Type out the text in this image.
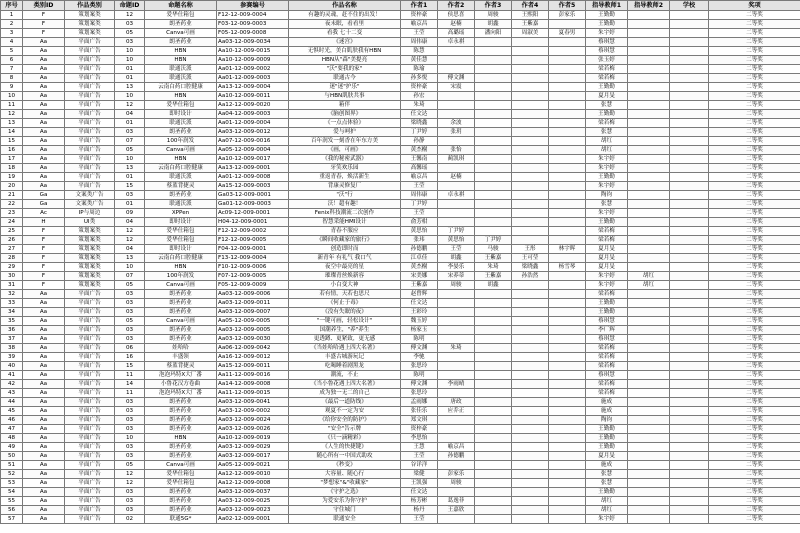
序号	类别ID	作品类别	命题ID	命题名称	参赛编号	作品名称	作者1	作者2	作者3	作者4	作者5	指导教师1	指导教师2	学校	奖项
1	F	策划案类	12	爱华仕箱包	F12-12-009-0004	有趣的灵魂，赶不住的出发！	资梓豪	侯思喜	周骏	王熙阳	彭家乐	王勤勤			二等奖
2	F	策划案类	03	朗圣药业	F03-12-009-0003	夜未眠，看看里	喻京昌	赵楠	胡鑫	王紫嘉		王勤勤			二等奖
3	F	策划案类	05	Canva可画	F05-12-009-0008	看我 七十二变	王莹	高璐瑶	潘向阳	周淑美	夏春男	朱宇婷			二等奖
4	Aa	平面广告	03	朗圣药业	Aa03-12-009-0034	《迷宫》	周伟康	卓永祺				蔡琪慧			二等奖
5	Aa	平面广告	10	HBN	Aa10-12-009-0015	无惧时光，美白肌肤我有HBN	陈慧					蔡琪慧			二等奖
6	Aa	平面广告	10	HBN	Aa10-12-009-0009	HBN从"森"美提亮	黄佳慧					张玉婷			二等奖
7	Aa	平面广告	01	联通沃派	Aa01-12-009-0002	"沃"要我的家"	陈瑜					梁若梅			二等奖
8	Aa	平面广告	01	联通沃派	Aa01-12-009-0003	联通古今	孙多悦	傅文渊				梁若梅			二等奖
9	Aa	平面广告	13	云南白药口腔健康	Aa13-12-009-0004	迷"迷"护乐"	资梓豪	宋震				王勤勤			二等奖
10	Aa	平面广告	10	HBN	Aa10-12-009-0011	与HBN肌肤共事	孙宏					夏月旻			二等奖
11	Aa	平面广告	12	爱华仕箱包	Aa12-12-009-0020	箱伴	朱琦					张慧			二等奖
12	Aa	平面广告	04	即时设计	Aa04-12-009-0003	《脑创图界》	任文达					王勤勤			二等奖
13	Aa	平面广告	01	联通沃派	Aa01-12-009-0004	《一点点体验》	梁晓鑫	余波				梁若梅			二等奖
14	Aa	平面广告	03	朗圣药业	Aa03-12-009-0012	爱与呵护	丁尹婷	张玥				张慧			二等奖
15	Aa	平面广告	07	100年润发	Aa07-12-009-0016	百年润发一刻香在年东方美	孙静					胡红			二等奖
16	Aa	平面广告	05	Canva可画	Aa05-12-009-0004	《画，可画》	黄杰榭	张怡				胡红			二等奖
17	Aa	平面广告	10	HBN	Aa10-12-009-0017	《我的秘密武器》	王馨南	蔺凯琪				朱宇婷			二等奖
18	Aa	平面广告	13	云南白药口腔健康	Aa13-12-009-0001	牙笑欢乐园	高馨瑶					朱宇婷			二等奖
19	Aa	平面广告	01	联通沃派	Aa01-12-009-0008	重返青春，焕活新生	喻京昌	赵楠				王勤勤			二等奖
20	Aa	平面广告	15	蔡蓝背捷灵	Aa15-12-009-0003	背康灵修复厂	王莹					朱宇婷			二等奖
21	Ga	文案类广告	03	朗圣药业	Ga03-12-009-0001	"沃"行	周伟康	卓永祺				陶钧			二等奖
22	Ga	文案类广告	01	联通沃派	Ga01-12-009-0003	沃！超有趣！	丁尹婷					张慧			二等奖
23	Ac	IP与周边	09	XPPen	Ac09-12-009-0001	Fenix科技潮流二次创作	王莹					朱宇婷			二等奖
24	H	UI类	04	即时设计	H04-12-009-0001	智慧采能HMI设计	俞芳柑					王勤勤			二等奖
25	F	策划案类	12	爱华仕箱包	F12-12-009-0002	青春不服应	黄思怡	丁尹婷				梁若梅			二等奖
26	F	策划案类	12	爱华仕箱包	F12-12-009-0005	《瞬间收藏家的旅行》	张玮	黄思怡	丁尹婷			梁若梅			二等奖
27	F	策划案类	04	即时设计	F04-12-009-0001	创造即时而	孙德鹏	王莹	马骏	王彤	林宇晖	夏月旻			二等奖
28	F	策划案类	13	云南白药口腔健康	F13-12-009-0004	新青年 有礼气 我口气	江卓佳	胡鑫	王紫嘉	王可莹		夏月旻			二等奖
29	F	策划案类	10	HBN	F10-12-009-0006	夜空中最亮的星	黄杰榭	李晏乐	朱琦	梁晓鑫	杨雪琴	夏月旻			二等奖
30	F	策划案类	07	100年润发	F07-12-009-0005	璀璨青丝焕新容	宋美娜	宋养蒂	王紫嘉	孙浩然		朱宇婷	胡红		二等奖
31	F	策划案类	05	Canva可画	F05-12-009-0009	小白变大神	王紫嘉	周骏	胡鑫			朱宇婷	胡红		二等奖
32	Aa	平面广告	03	朗圣药业	Aa03-12-009-0006	若有情，天若也思尺	赵曾辉					梁若梅			二等奖
33	Aa	平面广告	03	朗圣药业	Aa03-12-009-0011	《何止于毒》	任文达					王勤勤			二等奖
34	Aa	平面广告	03	朗圣药业	Aa03-12-009-0007	《没有失眠的夜》	王彩玲					王勤勤			二等奖
35	Aa	平面广告	05	Canva可画	Aa05-12-009-0005	"一键可画，轻松设计"	魏玉婷					蔡琪慧			二等奖
36	Aa	平面广告	03	朗圣药业	Aa03-12-009-0005	国潮养生，"养"养生	杨家玉					李厂辉			二等奖
37	Aa	平面广告	03	朗圣药业	Aa03-12-009-0030	更透蹲、更紧致，更无感	陈明					蔡琪慧			二等奖
38	Aa	平面广告	06	娃哈哈	Aa06-12-009-0042	《当娃哈哈遇上四大名著》	傅文渊	朱琦				梁若梅			二等奖
39	Aa	平面广告	16	丰盛领	Aa16-12-009-0012	丰盛古城游玩记	李驰					梁若梅			二等奖
40	Aa	平面广告	15	蔡蓝背捷灵	Aa15-12-009-0011	吃喝睡着剧黑龙	张思玲					梁若梅			二等奖
41	Aa	平面广告	11	泡泡玛特X大厂番	Aa11-12-009-0016	潮流，不止	陈明					蔡琪慧			二等奖
42	Aa	平面广告	14	小鲁花汉方卷曲	Aa14-12-009-0008	《当小鲁花遇上四大名著》	傅文渊	李雨晴				梁若梅			二等奖
43	Aa	平面广告	11	泡泡玛特X大厂番	Aa11-12-009-0015	成为独一无二的自己	张思玲					梁若梅			二等奖
44	Aa	平面广告	03	朗圣药业	Aa03-12-009-0041	《最后一道防线》	孟雨娜	唐政				施成			二等奖
45	Aa	平面广告	03	朗圣药业	Aa03-12-009-0002	观夏不一定为安	张佳乐	应乔正				施成			二等奖
46	Aa	平面广告	03	朗圣药业	Aa03-12-009-0024	《给你安全的防护》	郑文琪					陶钧			二等奖
47	Aa	平面广告	03	朗圣药业	Aa03-12-009-0026	"安全"告示牌	资梓豪					王勤勤			二等奖
48	Aa	平面广告	10	HBN	Aa10-12-009-0019	《只一滴精彩》	李思怡					王勤勤			二等奖
49	Aa	平面广告	03	朗圣药业	Aa03-12-009-0029	《人生的快捷键》	王慧	喻京昌				王勤勤			二等奖
50	Aa	平面广告	03	朗圣药业	Aa03-12-009-0017	随心所有一中国式助攻	王莹	孙德鹏				夏月旻			二等奖
51	Aa	平面广告	05	Canva可画	Aa05-12-009-0021	《秒变》	谷详洋					施成			二等奖
52	Aa	平面广告	12	爱华仕箱包	Aa12-12-009-0010	大容量、随心行	梁健	彭家乐				张慧			二等奖
53	Aa	平面广告	12	爱华仕箱包	Aa12-12-009-0008	"梦想家"&"收藏家"	王凯强	周骏				张慧			二等奖
54	Aa	平面广告	03	朗圣药业	Aa03-12-009-0037	《守护之选》	任文达					王勤勤			二等奖
55	Aa	平面广告	03	朗圣药业	Aa03-12-009-0025	为爱安乐为你守护	杨芳彬	葛逸菲				胡红			二等奖
56	Aa	平面广告	03	朗圣药业	Aa03-12-009-0023	守住城门	杨丹	王嘉欣				胡红			二等奖
57	Aa	平面广告	02	联通5G*	Aa02-12-009-0001	联通安全	王莹					朱宇婷			二等奖
